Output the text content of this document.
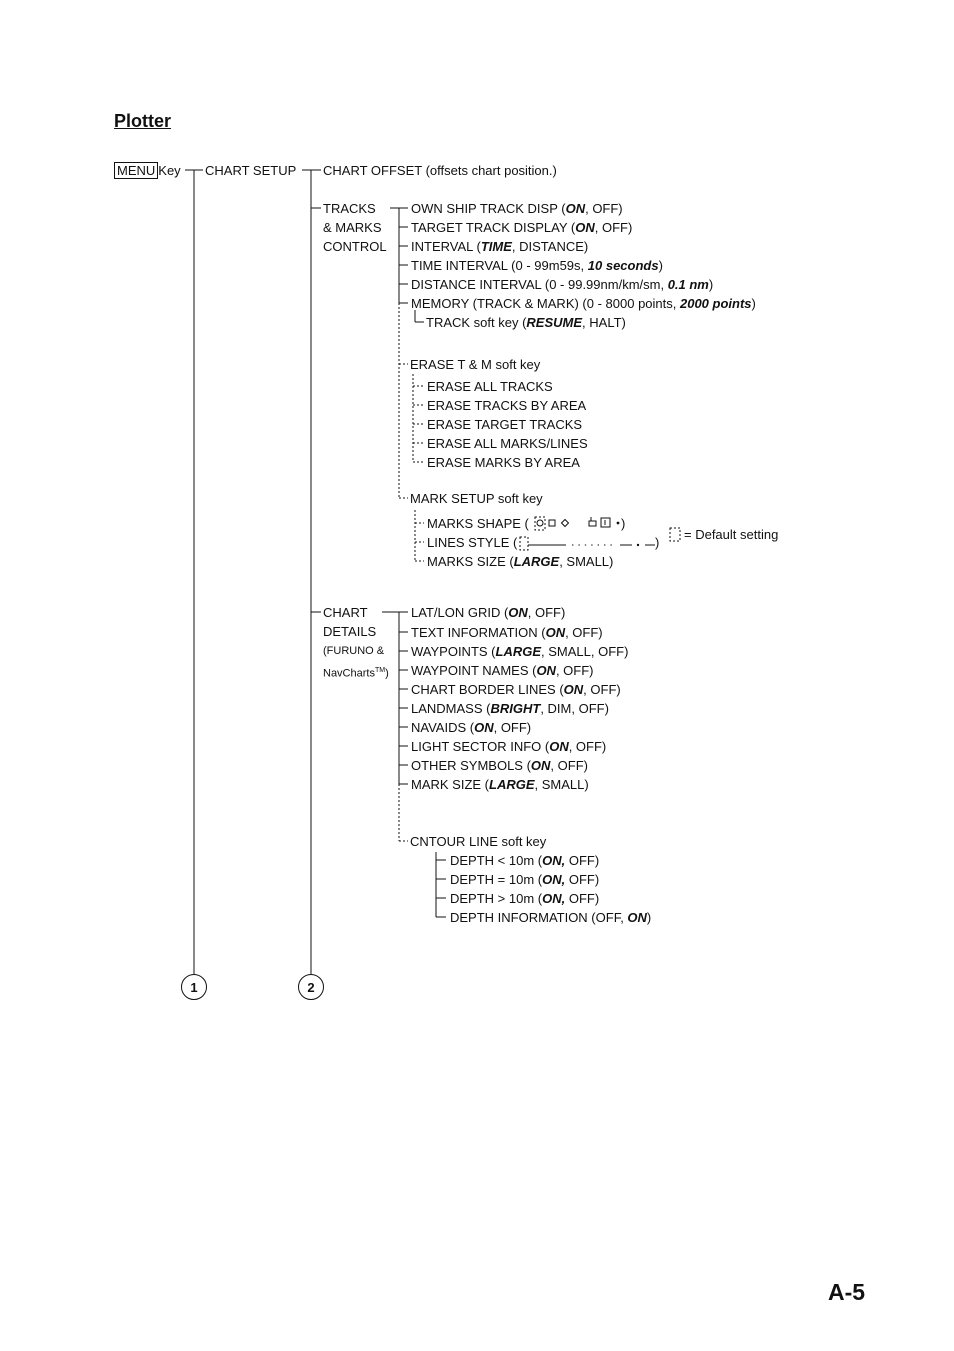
Plotter
MENU Key CHART SETUP CHART OFFSET (offsets chart position.)
TRACKS
& MARKS
CONTROL
OWN SHIP TRACK DISP (ON, OFF)
TARGET TRACK DISPLAY (ON, OFF)
INTERVAL (TIME, DISTANCE)
TIME INTERVAL (0 - 99m59s, 10 seconds)
DISTANCE INTERVAL (0 - 99.99nm/km/sm, 0.1 nm)
MEMORY (TRACK & MARK) (0 - 8000 points, 2000 points)
TRACK soft key (RESUME, HALT)
ERASE T & M soft key
ERASE ALL TRACKS
ERASE TRACKS BY AREA
ERASE TARGET TRACKS
ERASE ALL MARKS/LINES
ERASE MARKS BY AREA
MARK SETUP soft key
MARKS SHAPE (	)
LINES STYLE (	)
MARKS SIZE (LARGE, SMALL)
= Default setting
CHART
DETAILS
(FURUNO &
NavCharts™)
LAT/LON GRID (ON, OFF)
TEXT INFORMATION (ON, OFF)
WAYPOINTS (LARGE, SMALL, OFF)
WAYPOINT NAMES (ON, OFF)
CHART BORDER LINES (ON, OFF)
LANDMASS (BRIGHT, DIM, OFF)
NAVAIDS (ON, OFF)
LIGHT SECTOR INFO (ON, OFF)
OTHER SYMBOLS (ON, OFF)
MARK SIZE (LARGE, SMALL)
CNTOUR LINE soft key
DEPTH < 10m (ON, OFF)
DEPTH = 10m (ON, OFF)
DEPTH > 10m (ON, OFF)
DEPTH INFORMATION (OFF, ON)
1	2
A-5
